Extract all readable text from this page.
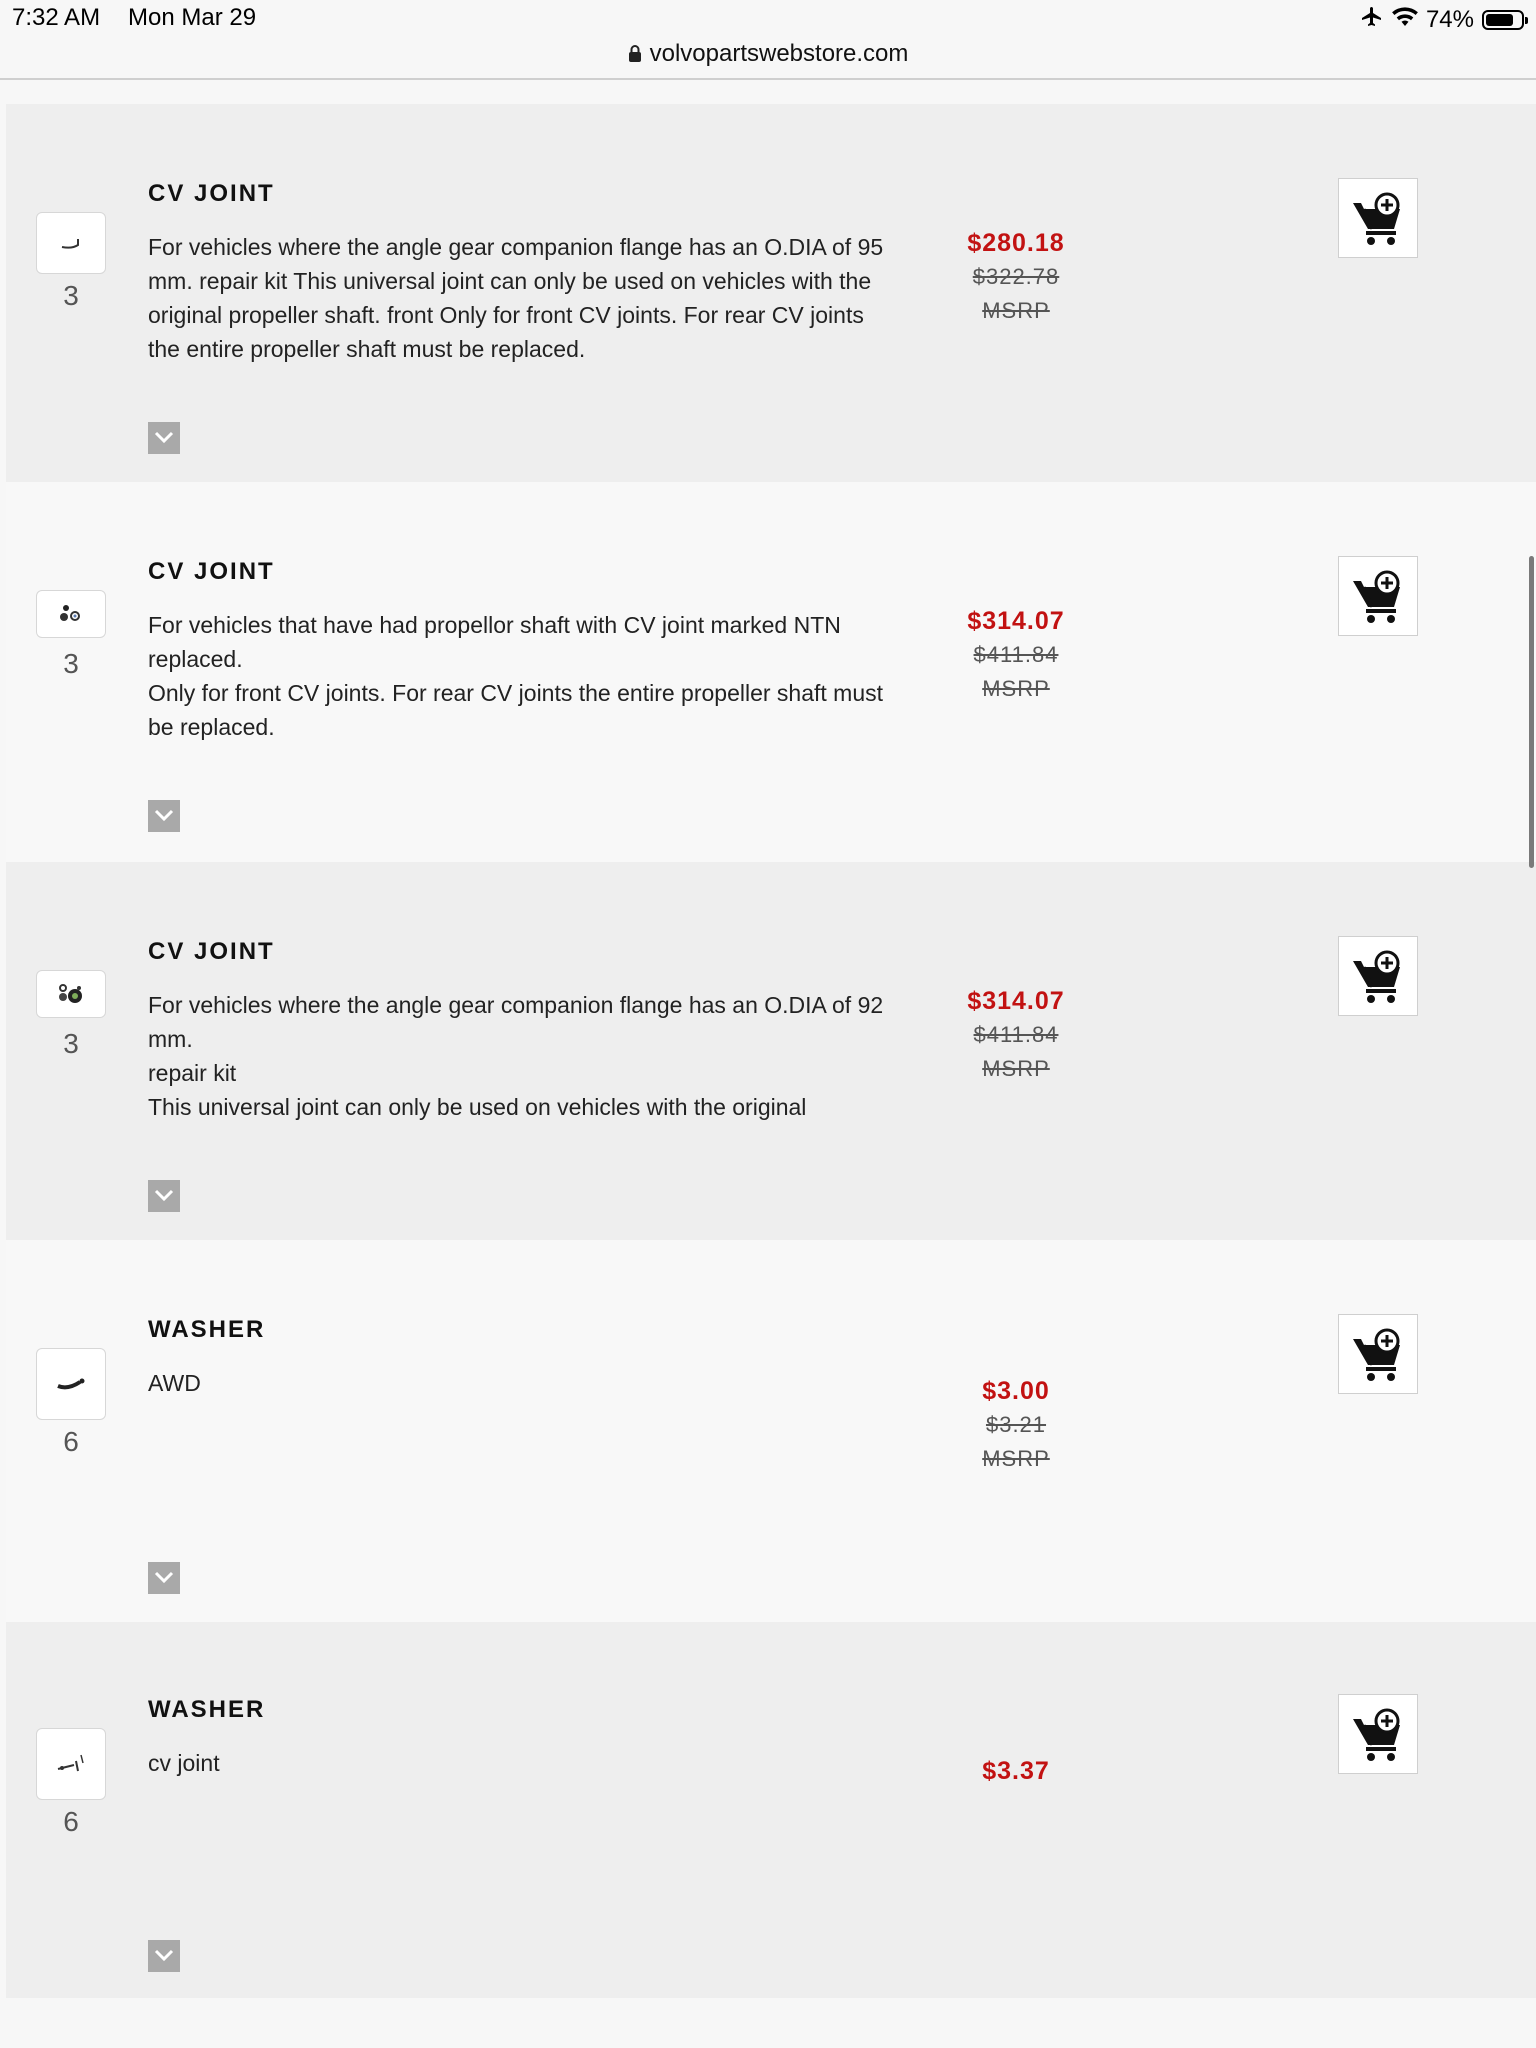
7:32 AM Mon Mar 29	74%
volvopartswebstore.com
3
CV JOINT
For vehicles where the angle gear companion flange has an O.DIA of 95 mm. repair kit This universal joint can only be used on vehicles with the original propeller shaft. front Only for front CV joints. For rear CV joints the entire propeller shaft must be replaced.
$280.18
$322.78
MSRP
3
CV JOINT
For vehicles that have had propellor shaft with CV joint marked NTN replaced.
Only for front CV joints. For rear CV joints the entire propeller shaft must be replaced.
$314.07
$411.84
MSRP
3
CV JOINT
For vehicles where the angle gear companion flange has an O.DIA of 92 mm.
repair kit
This universal joint can only be used on vehicles with the original
$314.07
$411.84
MSRP
6
WASHER
AWD	$3.00
$3.21
MSRP
6
WASHER
cv joint	$3.37
